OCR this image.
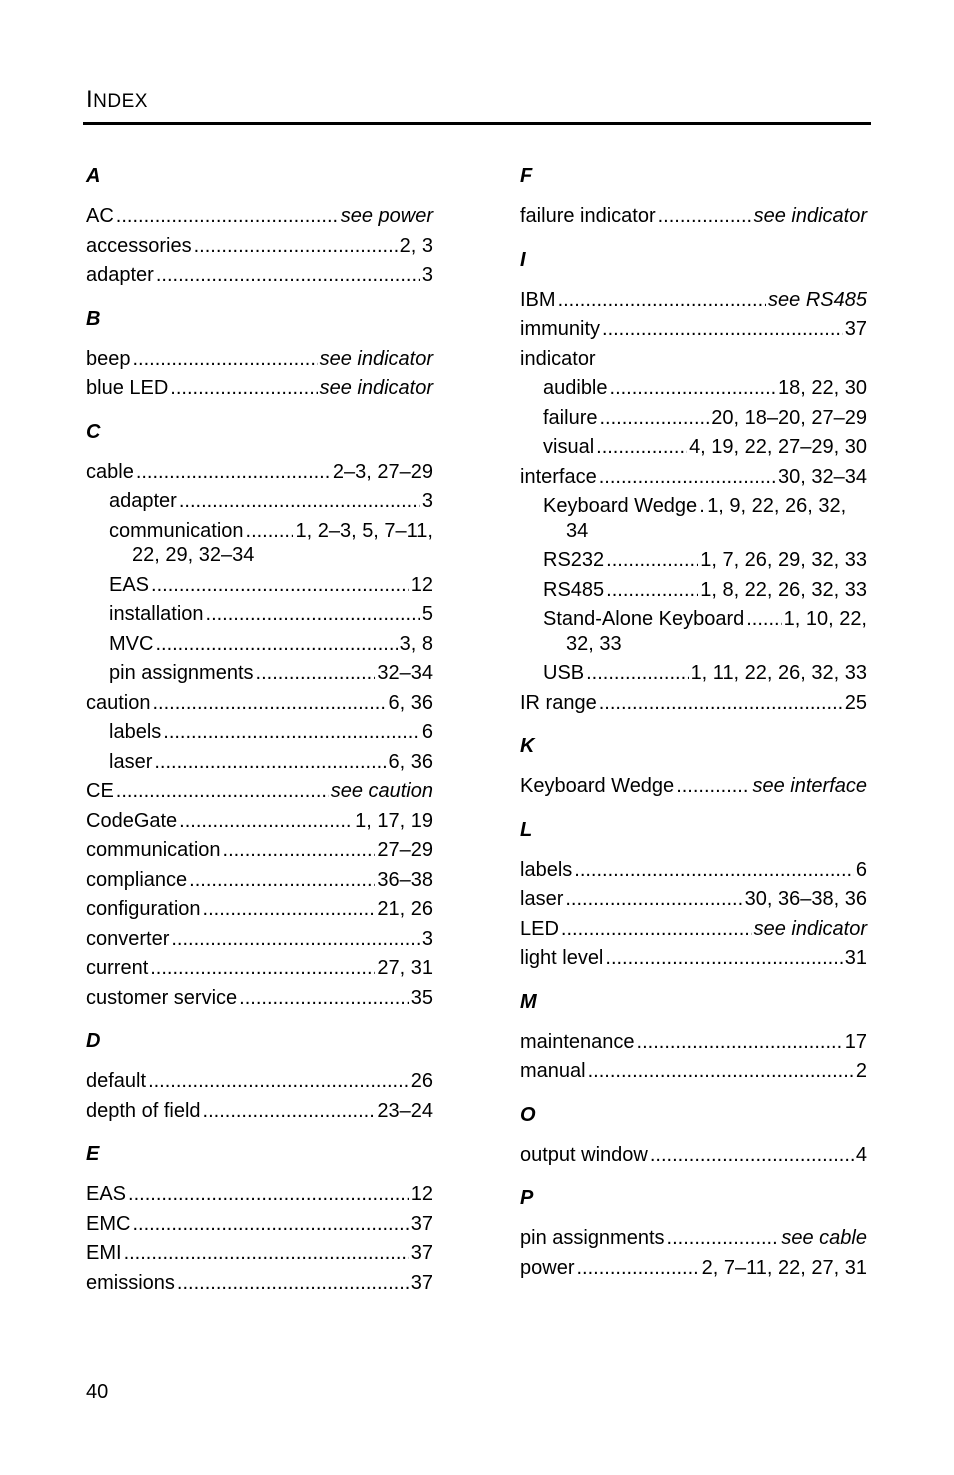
INDEX
A
AC .....	see power
accessories .....	2, 3
adapter .....	3
B
beep .....	see indicator
blue LED .....	see indicator
C
cable .....	2–3, 27–29
adapter .....	3
communication .....	1, 2–3, 5, 7–11,
22, 29, 32–34
EAS .....	12
installation .....	5
MVC .....	3, 8
pin assignments .....	32–34
caution .....	6, 36
labels .....	6
laser .....	6, 36
CE .....	see caution
CodeGate .....	1, 17, 19
communication .....	27–29
compliance .....	36–38
configuration .....	21, 26
converter .....	3
current .....	27, 31
customer service .....	35
D
default .....	26
depth of field .....	23–24
E
EAS .....	12
EMC .....	37
EMI .....	37
emissions .....	37
F
failure indicator .....	see indicator
I
IBM .....	see RS485
immunity .....	37
indicator
audible .....	18, 22, 30
failure .....	20, 18–20, 27–29
visual .....	4, 19, 22, 27–29, 30
interface .....	30, 32–34
Keyboard Wedge ..... 1, 9, 22, 26, 32,
34
RS232 .....	1, 7, 26, 29, 32, 33
RS485 .....	1, 8, 22, 26, 32, 33
Stand-Alone Keyboard ..... 1, 10, 22,
32, 33
USB .....	1, 11, 22, 26, 32, 33
IR range .....	25
K
Keyboard Wedge .....	see interface
L
labels .....	6
laser .....	30, 36–38, 36
LED .....	see indicator
light level .....	31
M
maintenance .....	17
manual .....	2
O
output window .....	4
P
pin assignments .....	see cable
power .....	2, 7–11, 22, 27, 31
40
